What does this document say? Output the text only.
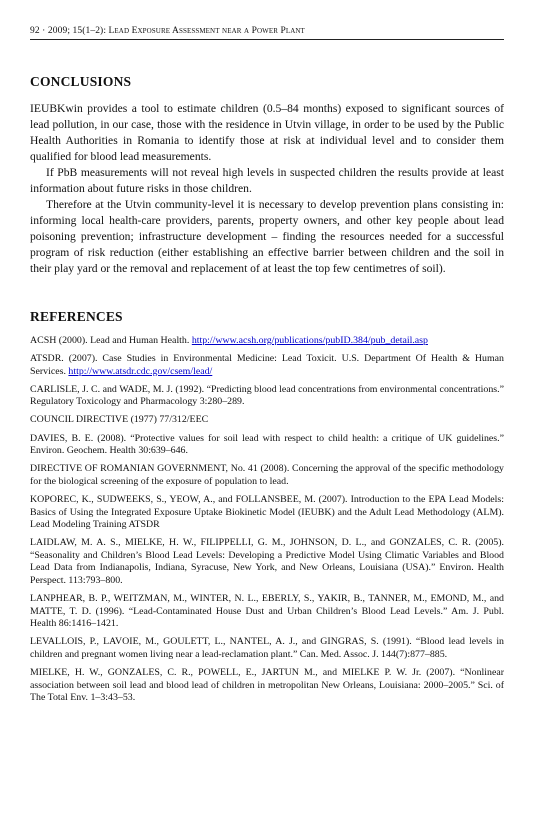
92 · 2009; 15(1–2): Lead Exposure Assessment near a Power Plant
CONCLUSIONS

IEUBKwin provides a tool to estimate children (0.5–84 months) exposed to significant sources of lead pollution, in our case, those with the residence in Utvin village, in order to be used by the Public Health Authorities in Romania to identify those at risk at individual level and to consider them qualified for blood lead measurements.

If PbB measurements will not reveal high levels in suspected children the results provide at least information about future risks in those children.

Therefore at the Utvin community-level it is necessary to develop prevention plans consisting in: informing local health-care providers, parents, property owners, and other key people about lead poisoning prevention; infrastructure development – finding the resources needed for a successful program of risk reduction (either establishing an effective barrier between children and the soil in their play yard or the removal and replacement of at least the top few centimetres of soil).

REFERENCES

ACSH (2000). Lead and Human Health. http://www.acsh.org/publications/pubID.384/pub_detail.asp

ATSDR. (2007). Case Studies in Environmental Medicine: Lead Toxicit. U.S. Department Of Health & Human Services. http://www.atsdr.cdc.gov/csem/lead/

CARLISLE, J. C. and WADE, M. J. (1992). “Predicting blood lead concentrations from environmental concentrations.” Regulatory Toxicology and Pharmacology 3:280–289.

COUNCIL DIRECTIVE (1977) 77/312/EEC

DAVIES, B. E. (2008). “Protective values for soil lead with respect to child health: a critique of UK guidelines.” Environ. Geochem. Health 30:639–646.

DIRECTIVE OF ROMANIAN GOVERNMENT, No. 41 (2008). Concerning the approval of the specific methodology for the biological screening of the exposure of population to lead.

KOPOREC, K., SUDWEEKS, S., YEOW, A., and FOLLANSBEE, M. (2007). Introduction to the EPA Lead Models: Basics of Using the Integrated Exposure Uptake Biokinetic Model (IEUBK) and the Adult Lead Methodology (ALM). Lead Modeling Training ATSDR

LAIDLAW, M. A. S., MIELKE, H. W., FILIPPELLI, G. M., JOHNSON, D. L., and GONZALES, C. R. (2005). “Seasonality and Children’s Blood Lead Levels: Developing a Predictive Model Using Climatic Variables and Blood Lead Data from Indianapolis, Indiana, Syracuse, New York, and New Orleans, Louisiana (USA).” Environ. Health Perspect. 113:793–800.

LANPHEAR, B. P., WEITZMAN, M., WINTER, N. L., EBERLY, S., YAKIR, B., TANNER, M., EMOND, M., and MATTE, T. D. (1996). “Lead-Contaminated House Dust and Urban Children’s Blood Lead Levels.” Am. J. Publ. Health 86:1416–1421.

LEVALLOIS, P., LAVOIE, M., GOULETT, L., NANTEL, A. J., and GINGRAS, S. (1991). “Blood lead levels in children and pregnant women living near a lead-reclamation plant.” Can. Med. Assoc. J. 144(7):877–885.

MIELKE, H. W., GONZALES, C. R., POWELL, E., JARTUN M., and MIELKE P. W. Jr. (2007). “Nonlinear association between soil lead and blood lead of children in metropolitan New Orleans, Louisiana: 2000–2005.” Sci. of The Total Env. 1–3:43–53.
